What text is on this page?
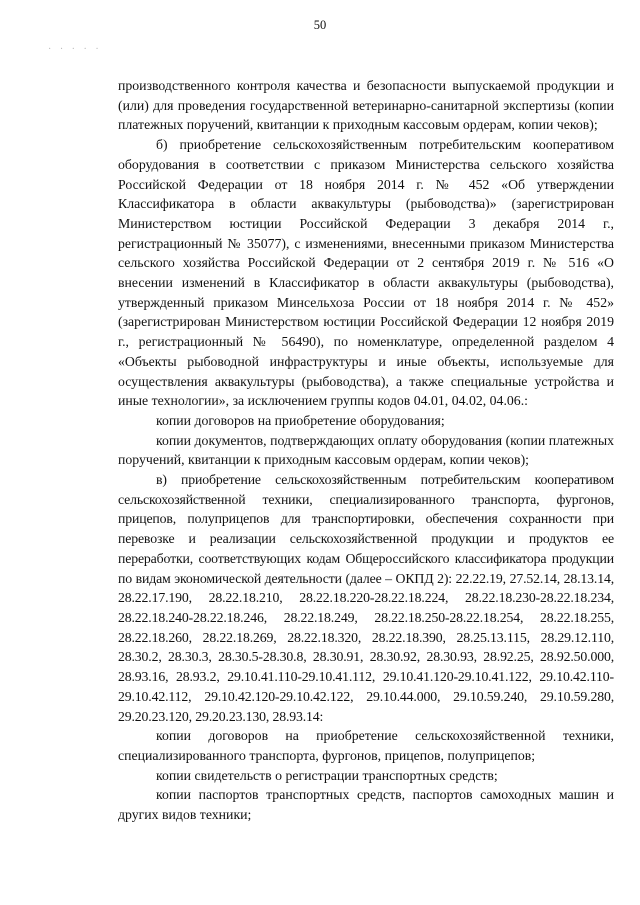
· · · · ·
50

производственного контроля качества и безопасности выпускаемой продукции и (или) для проведения государственной ветеринарно-санитарной экспертизы (копии платежных поручений, квитанции к приходным кассовым ордерам, копии чеков);

б) приобретение сельскохозяйственным потребительским кооперативом оборудования в соответствии с приказом Министерства сельского хозяйства Российской Федерации от 18 ноября 2014 г. № 452 «Об утверждении Классификатора в области аквакультуры (рыбоводства)» (зарегистрирован Министерством юстиции Российской Федерации 3 декабря 2014 г., регистрационный № 35077), с изменениями, внесенными приказом Министерства сельского хозяйства Российской Федерации от 2 сентября 2019 г. № 516 «О внесении изменений в Классификатор в области аквакультуры (рыбоводства), утвержденный приказом Минсельхоза России от 18 ноября 2014 г. № 452» (зарегистрирован Министерством юстиции Российской Федерации 12 ноября 2019 г., регистрационный № 56490), по номенклатуре, определенной разделом 4 «Объекты рыбоводной инфраструктуры и иные объекты, используемые для осуществления аквакультуры (рыбоводства), а также специальные устройства и иные технологии», за исключением группы кодов 04.01, 04.02, 04.06.:

копии договоров на приобретение оборудования;

копии документов, подтверждающих оплату оборудования (копии платежных поручений, квитанции к приходным кассовым ордерам, копии чеков);

в) приобретение сельскохозяйственным потребительским кооперативом сельскохозяйственной техники, специализированного транспорта, фургонов, прицепов, полуприцепов для транспортировки, обеспечения сохранности при перевозке и реализации сельскохозяйственной продукции и продуктов ее переработки, соответствующих кодам Общероссийского классификатора продукции по видам экономической деятельности (далее – ОКПД 2): 22.22.19, 27.52.14, 28.13.14, 28.22.17.190, 28.22.18.210, 28.22.18.220-28.22.18.224, 28.22.18.230-28.22.18.234, 28.22.18.240-28.22.18.246, 28.22.18.249, 28.22.18.250-28.22.18.254, 28.22.18.255, 28.22.18.260, 28.22.18.269, 28.22.18.320, 28.22.18.390, 28.25.13.115, 28.29.12.110, 28.30.2, 28.30.3, 28.30.5-28.30.8, 28.30.91, 28.30.92, 28.30.93, 28.92.25, 28.92.50.000, 28.93.16, 28.93.2, 29.10.41.110-29.10.41.112, 29.10.41.120-29.10.41.122, 29.10.42.110-29.10.42.112, 29.10.42.120-29.10.42.122, 29.10.44.000, 29.10.59.240, 29.10.59.280, 29.20.23.120, 29.20.23.130, 28.93.14:

копии договоров на приобретение сельскохозяйственной техники, специализированного транспорта, фургонов, прицепов, полуприцепов;

копии свидетельств о регистрации транспортных средств;

копии паспортов транспортных средств, паспортов самоходных машин и других видов техники;
